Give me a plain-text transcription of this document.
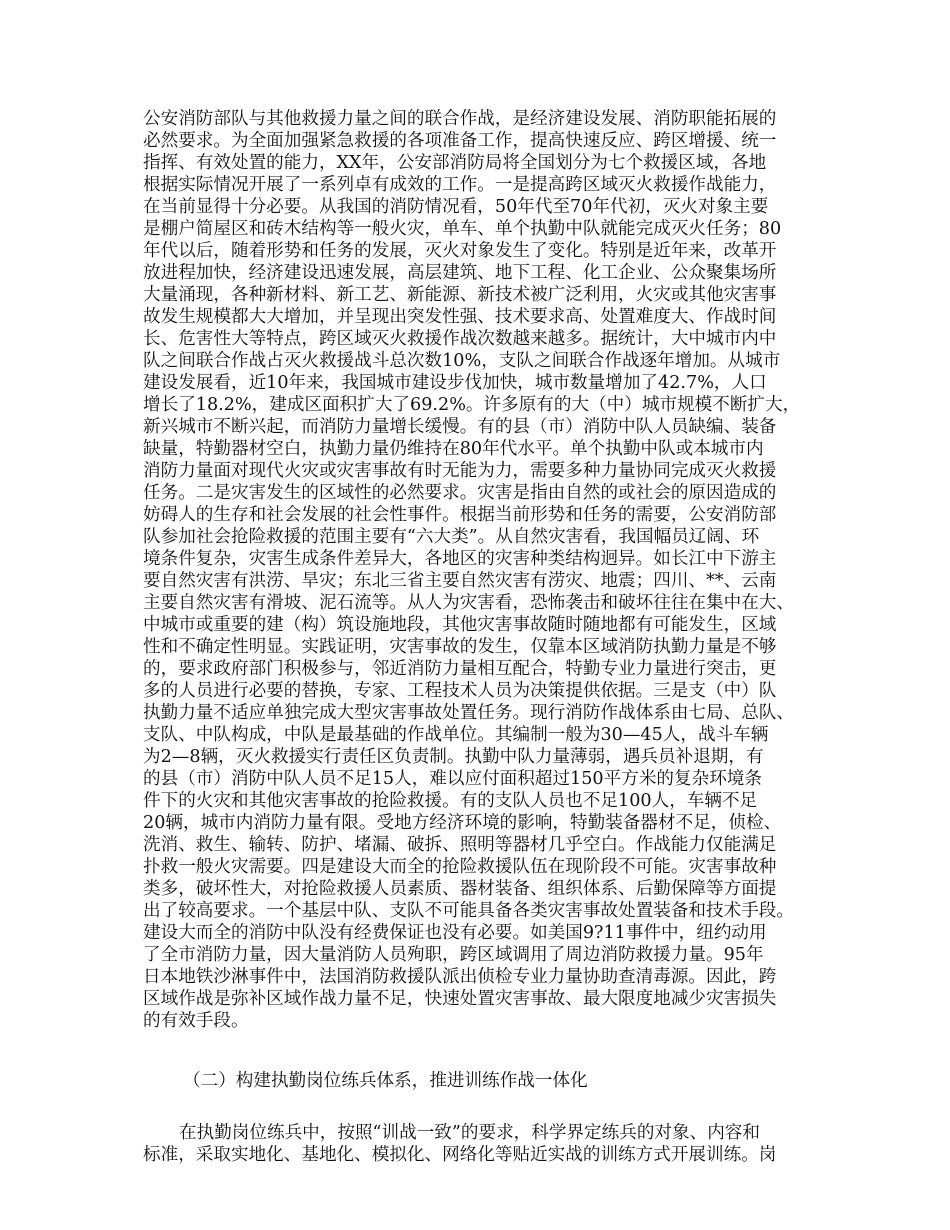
公安消防部队与其他救援力量之间的联合作战，是经济建设发展、消防职能拓展的
必然要求。为全面加强紧急救援的各项准备工作，提高快速反应、跨区增援、统一
指挥、有效处置的能力，XX年，公安部消防局将全国划分为七个救援区域，各地
根据实际情况开展了一系列卓有成效的工作。一是提高跨区域灭火救援作战能力，
在当前显得十分必要。从我国的消防情况看，50年代至70年代初，灭火对象主要
是棚户简屋区和砖木结构等一般火灾，单车、单个执勤中队就能完成灭火任务；80
年代以后，随着形势和任务的发展，灭火对象发生了变化。特别是近年来，改革开
放进程加快，经济建设迅速发展，高层建筑、地下工程、化工企业、公众聚集场所
大量涌现，各种新材料、新工艺、新能源、新技术被广泛利用，火灾或其他灾害事
故发生规模都大大增加，并呈现出突发性强、技术要求高、处置难度大、作战时间
长、危害性大等特点，跨区域灭火救援作战次数越来越多。据统计，大中城市内中
队之间联合作战占灭火救援战斗总次数10%，支队之间联合作战逐年增加。从城市
建设发展看，近10年来，我国城市建设步伐加快，城市数量增加了42.7%，人口
增长了18.2%，建成区面积扩大了69.2%。许多原有的大（中）城市规模不断扩大，
新兴城市不断兴起，而消防力量增长缓慢。有的县（市）消防中队人员缺编、装备
缺量，特勤器材空白，执勤力量仍维持在80年代水平。单个执勤中队或本城市内
消防力量面对现代火灾或灾害事故有时无能为力，需要多种力量协同完成灭火救援
任务。二是灾害发生的区域性的必然要求。灾害是指由自然的或社会的原因造成的
妨碍人的生存和社会发展的社会性事件。根据当前形势和任务的需要，公安消防部
队参加社会抢险救援的范围主要有“六大类”。从自然灾害看，我国幅员辽阔、环
境条件复杂，灾害生成条件差异大，各地区的灾害种类结构迥异。如长江中下游主
要自然灾害有洪涝、旱灾；东北三省主要自然灾害有涝灾、地震；四川、**、云南
主要自然灾害有滑坡、泥石流等。从人为灾害看，恐怖袭击和破坏往往在集中在大、
中城市或重要的建（构）筑设施地段，其他灾害事故随时随地都有可能发生，区域
性和不确定性明显。实践证明，灾害事故的发生，仅靠本区域消防执勤力量是不够
的，要求政府部门积极参与，邻近消防力量相互配合，特勤专业力量进行突击，更
多的人员进行必要的替换，专家、工程技术人员为决策提供依据。三是支（中）队
执勤力量不适应单独完成大型灾害事故处置任务。现行消防作战体系由七局、总队、
支队、中队构成，中队是最基础的作战单位。其编制一般为30—45人，战斗车辆
为2—8辆，灭火救援实行责任区负责制。执勤中队力量薄弱，遇兵员补退期，有
的县（市）消防中队人员不足15人，难以应付面积超过150平方米的复杂环境条
件下的火灾和其他灾害事故的抢险救援。有的支队人员也不足100人，车辆不足
20辆，城市内消防力量有限。受地方经济环境的影响，特勤装备器材不足，侦检、
洗消、救生、输转、防护、堵漏、破拆、照明等器材几乎空白。作战能力仅能满足
扑救一般火灾需要。四是建设大而全的抢险救援队伍在现阶段不可能。灾害事故种
类多，破坏性大，对抢险救援人员素质、器材装备、组织体系、后勤保障等方面提
出了较高要求。一个基层中队、支队不可能具备各类灾害事故处置装备和技术手段。
建设大而全的消防中队没有经费保证也没有必要。如美国9?11事件中，纽约动用
了全市消防力量，因大量消防人员殉职，跨区域调用了周边消防救援力量。95年
日本地铁沙淋事件中，法国消防救援队派出侦检专业力量协助查清毒源。因此，跨
区域作战是弥补区域作战力量不足，快速处置灾害事故、最大限度地减少灾害损失
的有效手段。
（二）构建执勤岗位练兵体系，推进训练作战一体化
在执勤岗位练兵中，按照“训战一致”的要求，科学界定练兵的对象、内容和
标准，采取实地化、基地化、模拟化、网络化等贴近实战的训练方式开展训练。岗
